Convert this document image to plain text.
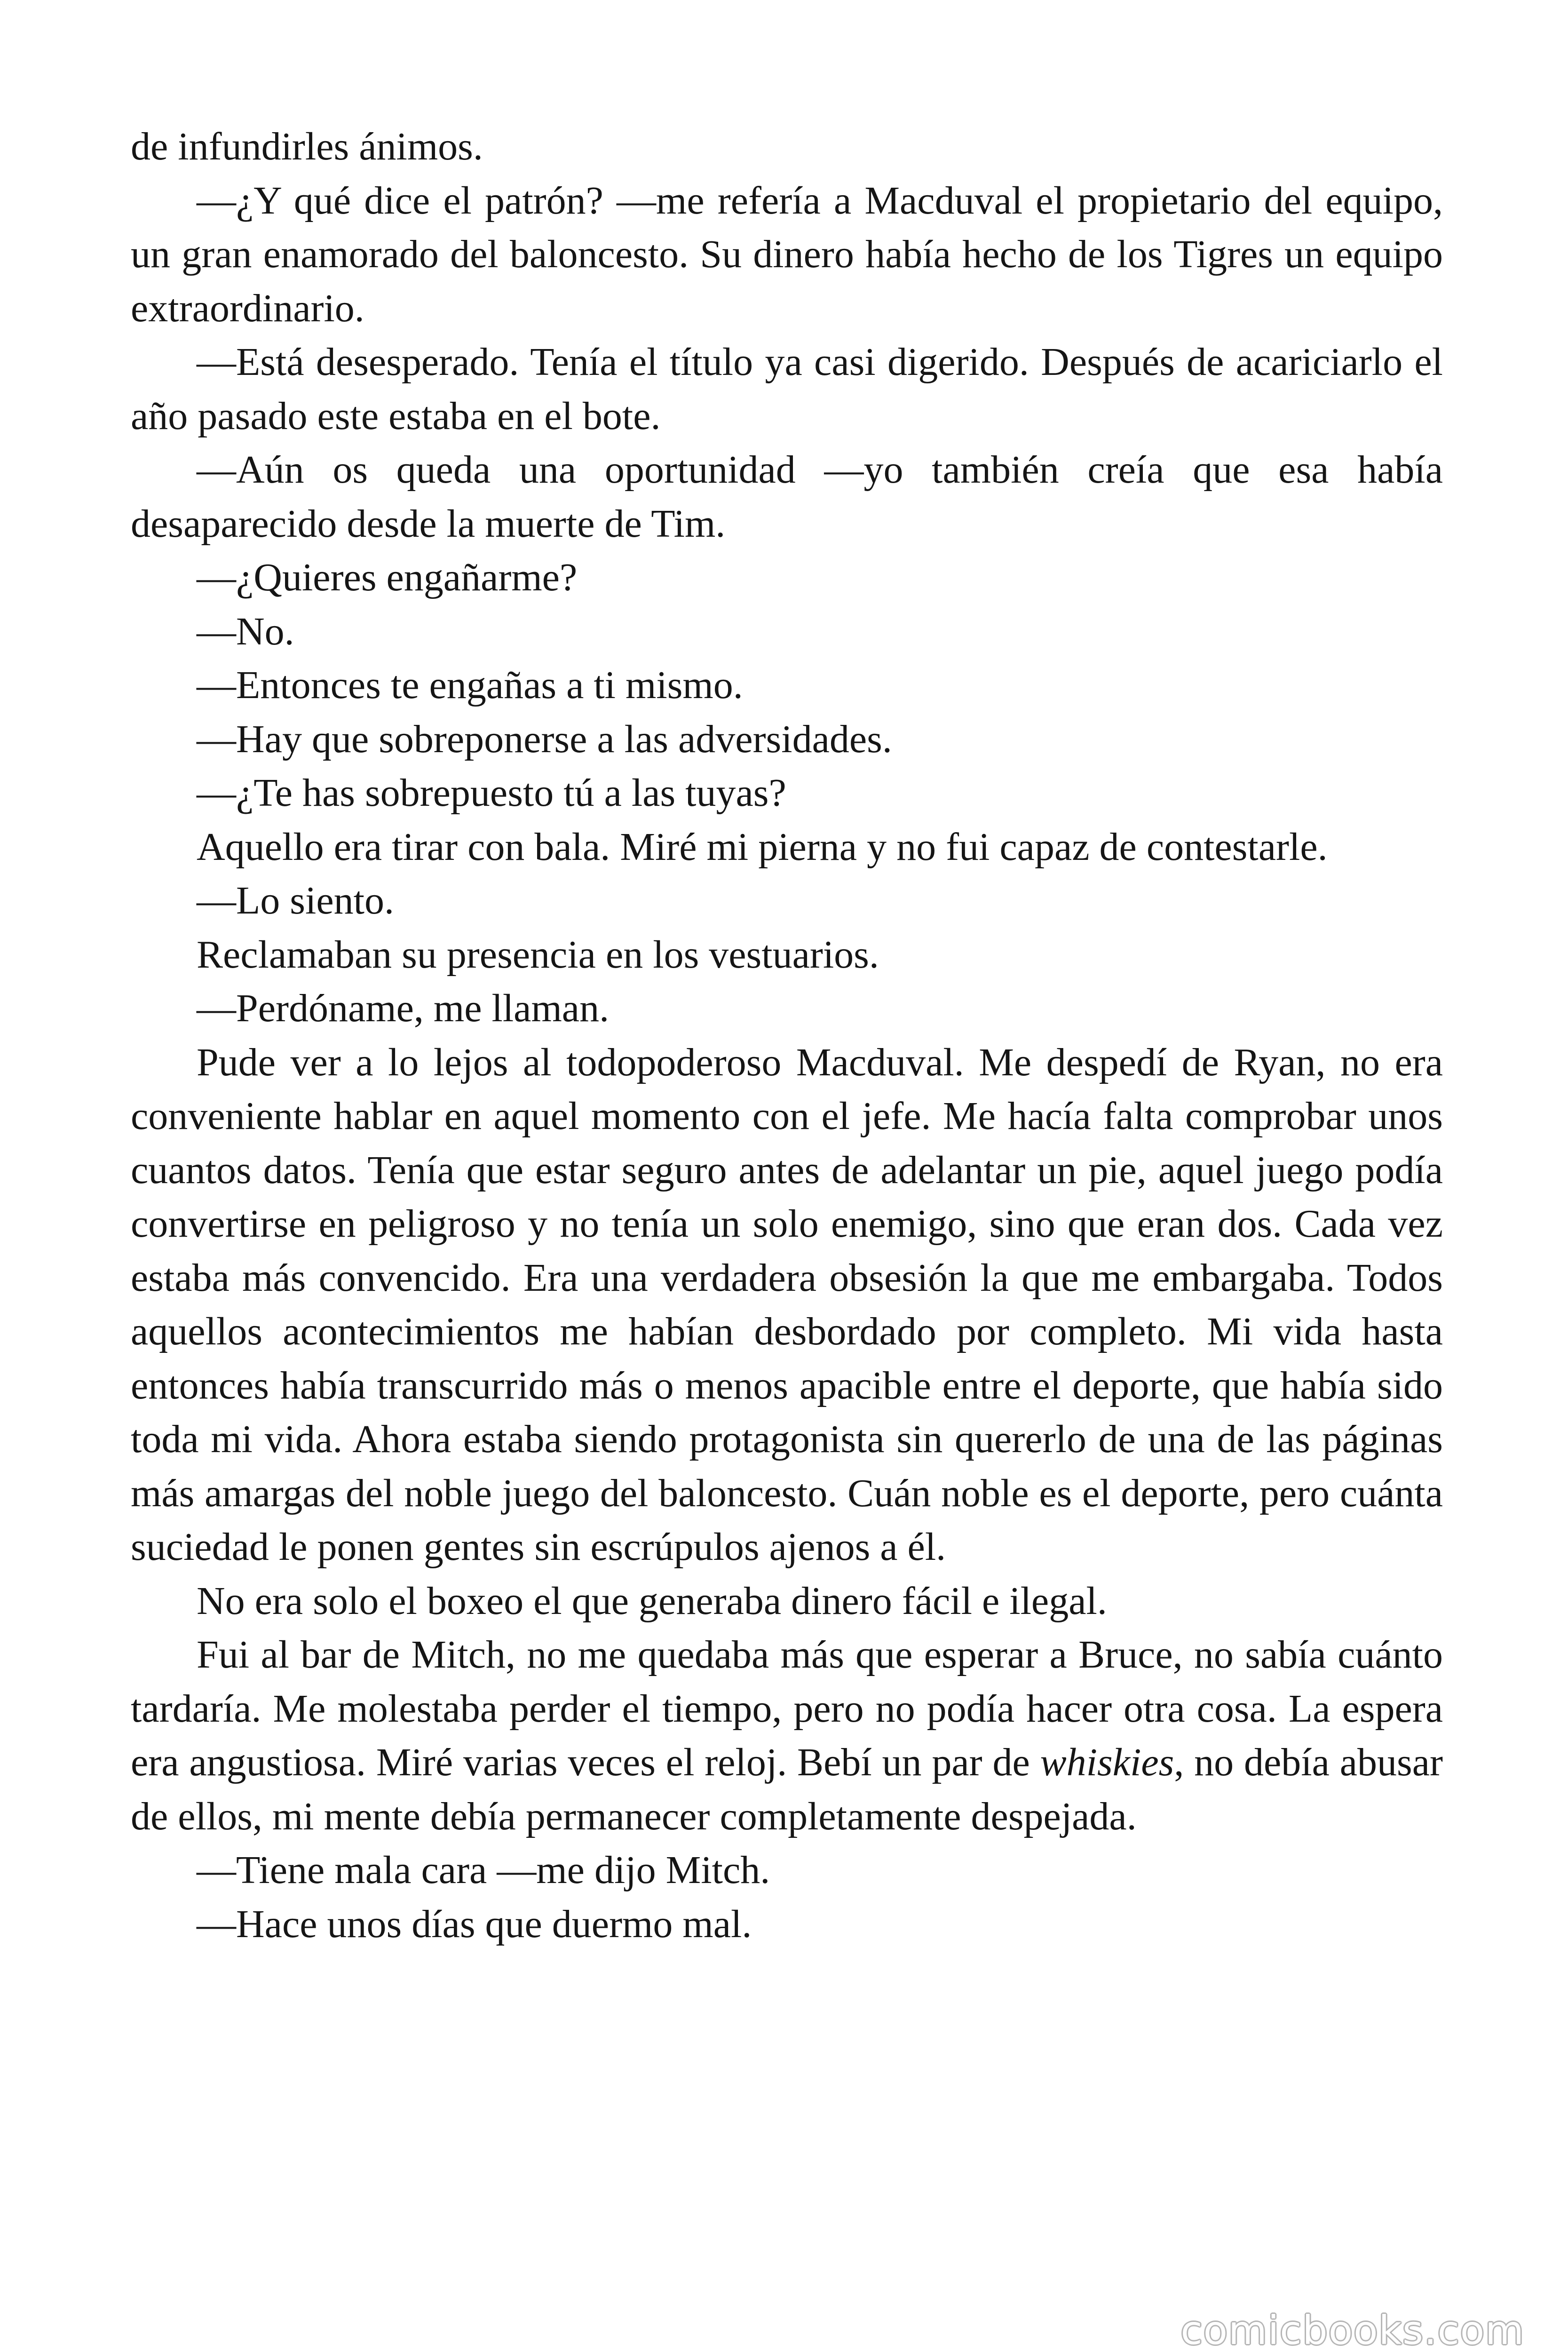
de infundirles ánimos.

—¿Y qué dice el patrón? —me refería a Macduval el propietario del equipo, un gran enamorado del baloncesto. Su dinero había hecho de los Tigres un equipo extraordinario.

—Está desesperado. Tenía el título ya casi digerido. Después de acariciarlo el año pasado este estaba en el bote.

—Aún os queda una oportunidad —yo también creía que esa había desaparecido desde la muerte de Tim.

—¿Quieres engañarme?

—No.

—Entonces te engañas a ti mismo.

—Hay que sobreponerse a las adversidades.

—¿Te has sobrepuesto tú a las tuyas?

Aquello era tirar con bala. Miré mi pierna y no fui capaz de contestarle.

—Lo siento.

Reclamaban su presencia en los vestuarios.

—Perdóname, me llaman.

Pude ver a lo lejos al todopoderoso Macduval. Me despedí de Ryan, no era conveniente hablar en aquel momento con el jefe. Me hacía falta comprobar unos cuantos datos. Tenía que estar seguro antes de adelantar un pie, aquel juego podía convertirse en peligroso y no tenía un solo enemigo, sino que eran dos. Cada vez estaba más convencido. Era una verdadera obsesión la que me embargaba. Todos aquellos acontecimientos me habían desbordado por completo. Mi vida hasta entonces había transcurrido más o menos apacible entre el deporte, que había sido toda mi vida. Ahora estaba siendo protagonista sin quererlo de una de las páginas más amargas del noble juego del baloncesto. Cuán noble es el deporte, pero cuánta suciedad le ponen gentes sin escrúpulos ajenos a él.

No era solo el boxeo el que generaba dinero fácil e ilegal.

Fui al bar de Mitch, no me quedaba más que esperar a Bruce, no sabía cuánto tardaría. Me molestaba perder el tiempo, pero no podía hacer otra cosa. La espera era angustiosa. Miré varias veces el reloj. Bebí un par de whiskies, no debía abusar de ellos, mi mente debía permanecer completamente despejada.

—Tiene mala cara —me dijo Mitch.

—Hace unos días que duermo mal.

comicbooks.com
